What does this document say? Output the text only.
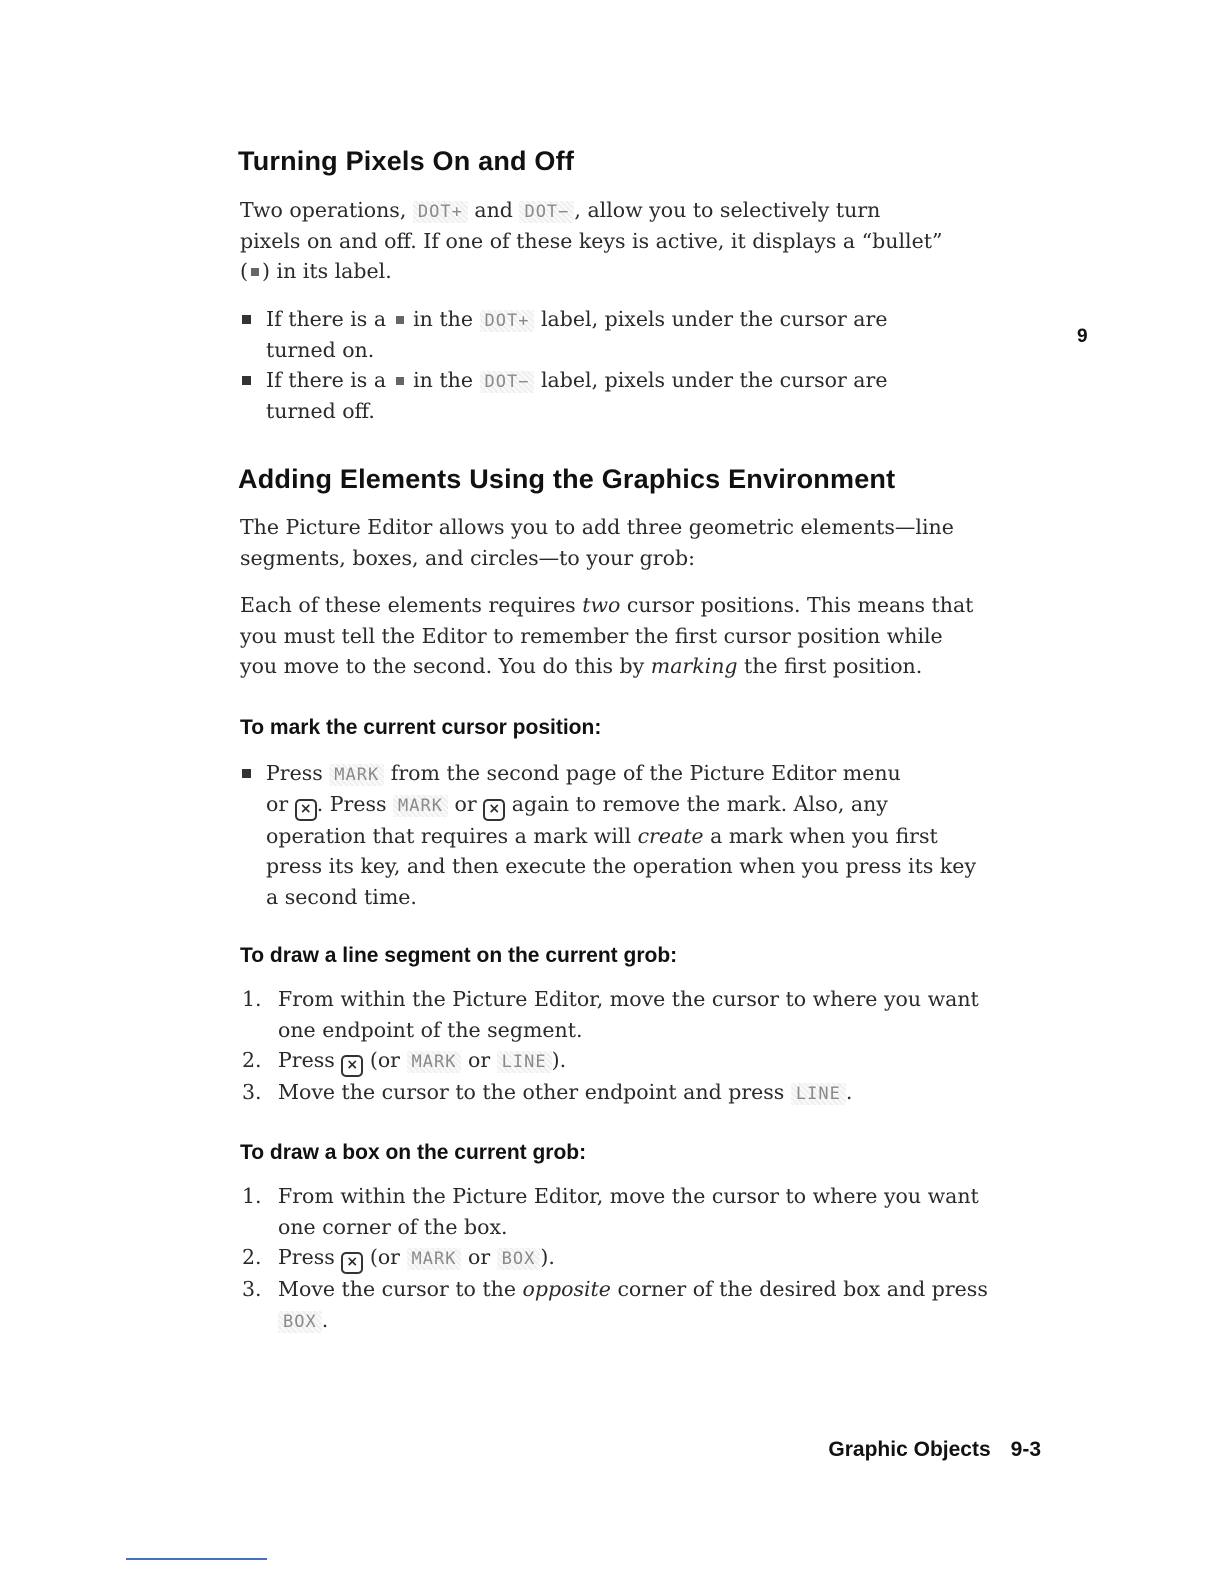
Turning Pixels On and Off
Two operations, DOT+ and DOT− , allow you to selectively turn
pixels on and off. If one of these keys is active, it displays a “bullet”
( ) in its label.
If there is a in the DOT+ label, pixels under the cursor are
turned on.
If there is a in the DOT− label, pixels under the cursor are
turned off.
9
Adding Elements Using the Graphics Environment
The Picture Editor allows you to add three geometric elements—line
segments, boxes, and circles—to your grob:
Each of these elements requires two cursor positions. This means that
you must tell the Editor to remember the first cursor position while
you move to the second. You do this by marking the first position.
To mark the current cursor position:
Press MARK from the second page of the Picture Editor menu
or × . Press MARK or × again to remove the mark. Also, any
operation that requires a mark will create a mark when you first
press its key, and then execute the operation when you press its key
a second time.
To draw a line segment on the current grob:
1. From within the Picture Editor, move the cursor to where you want
one endpoint of the segment.
2. Press × (or MARK or LINE ).
3. Move the cursor to the other endpoint and press LINE .
To draw a box on the current grob:
1. From within the Picture Editor, move the cursor to where you want
one corner of the box.
2. Press × (or MARK or BOX ).
3. Move the cursor to the opposite corner of the desired box and press
BOX .
Graphic Objects 9-3
